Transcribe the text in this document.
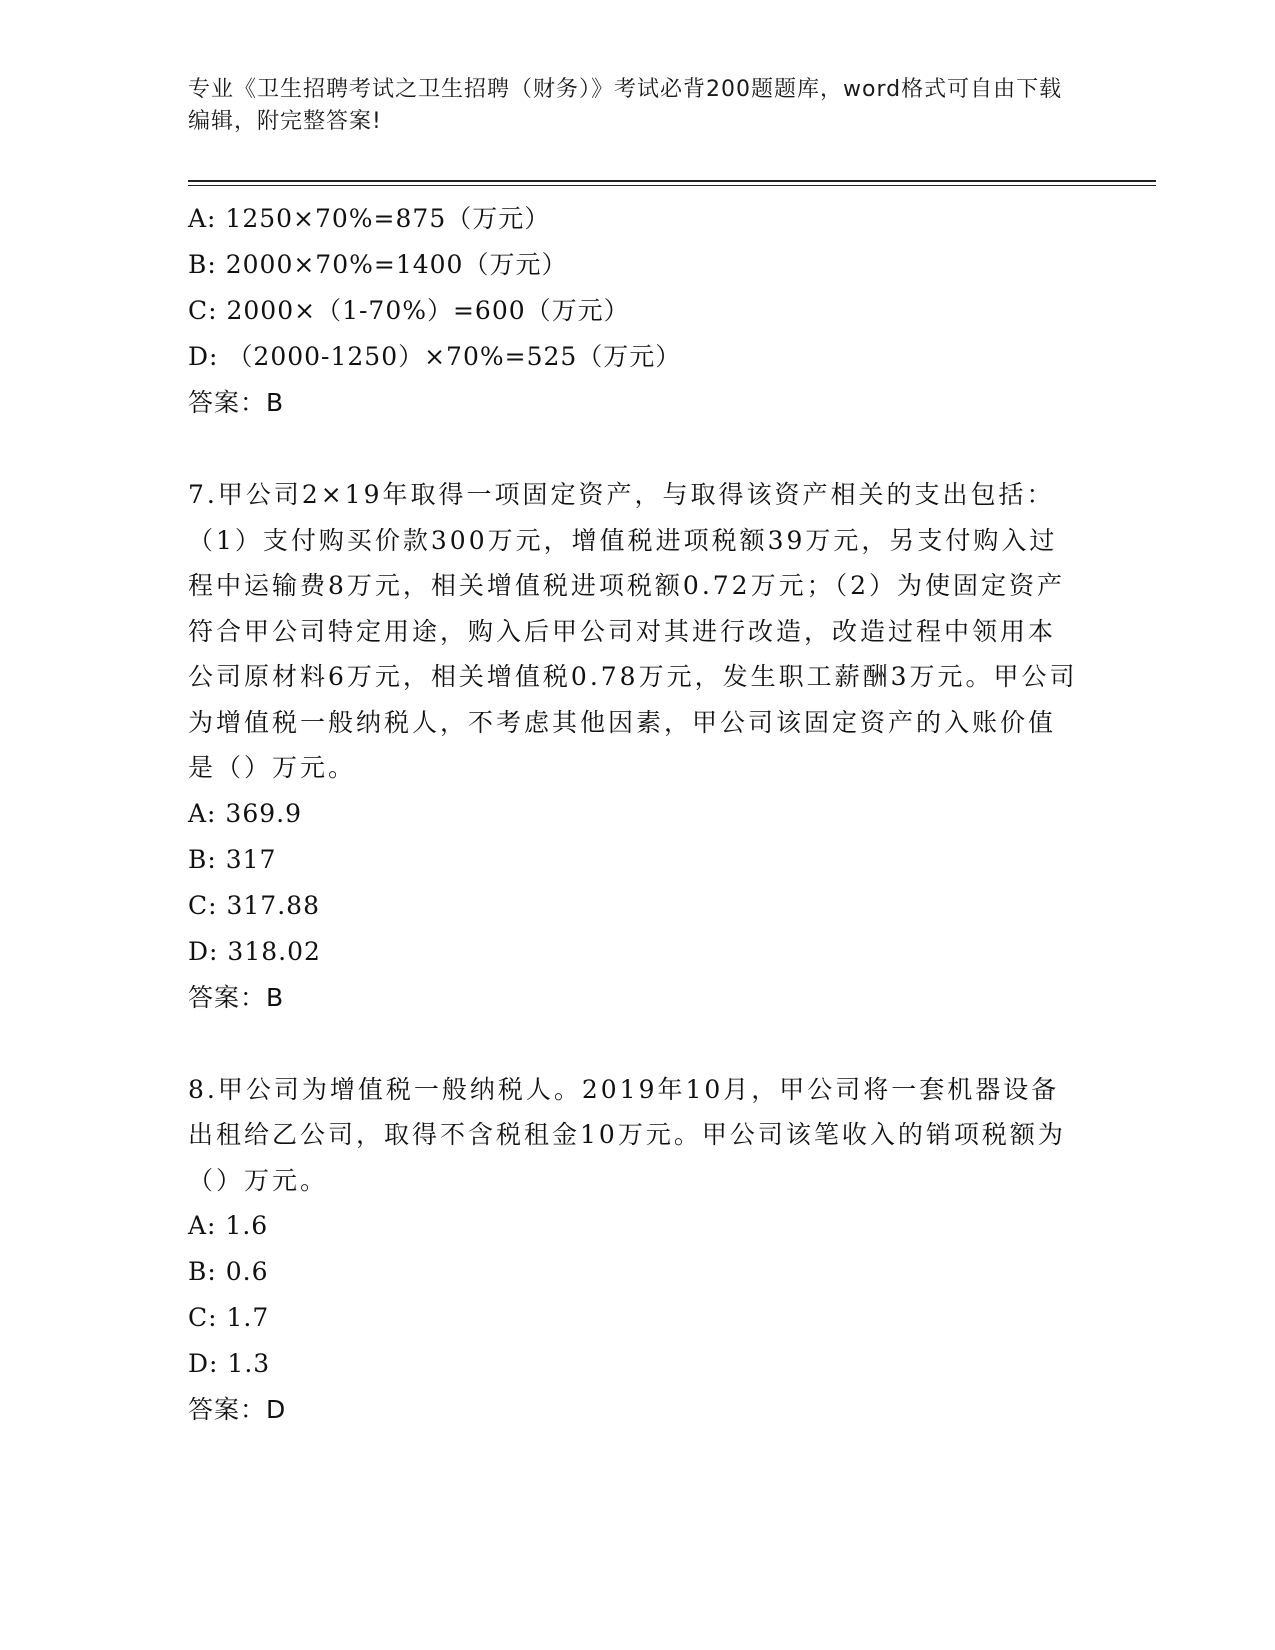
专业《卫生招聘考试之卫生招聘（财务）》考试必背200题题库，word格式可自由下载编辑，附完整答案!
A: 1250×70%=875（万元）
B: 2000×70%=1400（万元）
C: 2000×（1-70%）=600（万元）
D: （2000-1250）×70%=525（万元）
答案：B
7.甲公司2×19年取得一项固定资产，与取得该资产相关的支出包括：（1）支付购买价款300万元，增值税进项税额39万元，另支付购入过程中运输费8万元，相关增值税进项税额0.72万元；（2）为使固定资产符合甲公司特定用途，购入后甲公司对其进行改造，改造过程中领用本公司原材料6万元，相关增值税0.78万元，发生职工薪酬3万元。甲公司为增值税一般纳税人，不考虑其他因素，甲公司该固定资产的入账价值是（）万元。
A: 369.9
B: 317
C: 317.88
D: 318.02
答案：B
8.甲公司为增值税一般纳税人。2019年10月，甲公司将一套机器设备出租给乙公司，取得不含税租金10万元。甲公司该笔收入的销项税额为（）万元。
A: 1.6
B: 0.6
C: 1.7
D: 1.3
答案：D
